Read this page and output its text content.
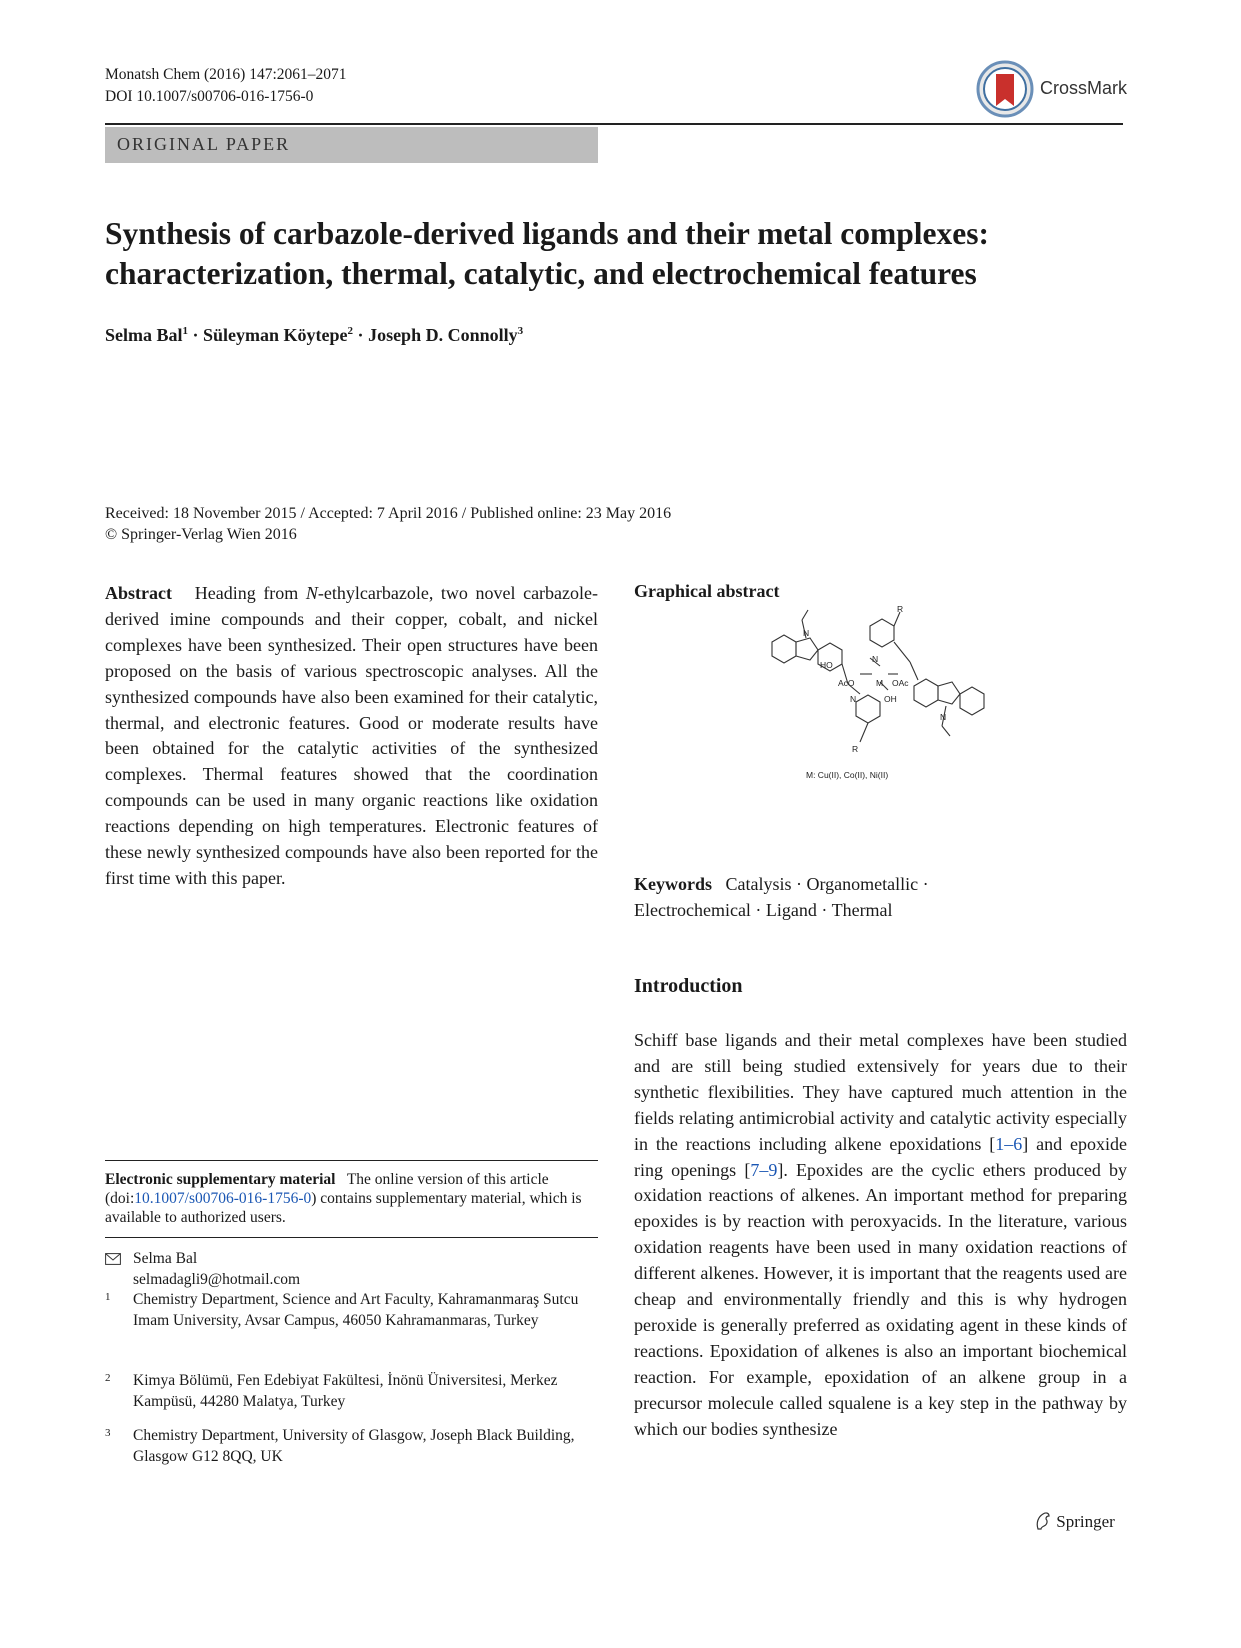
Monatsh Chem (2016) 147:2061–2071
DOI 10.1007/s00706-016-1756-0	CrossMark
ORIGINAL PAPER
Synthesis of carbazole-derived ligands and their metal complexes:
characterization, thermal, catalytic, and electrochemical features
Selma Bal$^1$ · Süleyman Köytepe$^2$ · Joseph D. Connolly$^3$
Received: 18 November 2015 / Accepted: 7 April 2016 / Published online: 23 May 2016
© Springer-Verlag Wien 2016
Abstract Heading from N-ethylcarbazole, two novel carbazole-derived imine compounds and their copper, cobalt, and nickel complexes have been synthesized. Their open structures have been proposed on the basis of various spectroscopic analyses. All the synthesized compounds have also been examined for their catalytic, thermal, and electronic features. Good or moderate results have been obtained for the catalytic activities of the synthesized complexes. Thermal features showed that the coordination compounds can be used in many organic reactions like oxidation reactions depending on high temperatures. Electronic features of these newly synthesized compounds have also been reported for the first time with this paper.
Graphical abstract
N
R
HO
N
AcO	M OAc
N	OH
N
R
M: Cu(II), Co(II), Ni(II)
Keywords Catalysis · Organometallic ·
Electrochemical · Ligand · Thermal
Introduction
Schiff base ligands and their metal complexes have been studied and are still being studied extensively for years due to their synthetic flexibilities. They have captured much attention in the fields relating antimicrobial activity and catalytic activity especially in the reactions including alkene epoxidations [1–6] and epoxide ring openings [7–9]. Epoxides are the cyclic ethers produced by oxidation reactions of alkenes. An important method for preparing epoxides is by reaction with peroxyacids. In the literature, various oxidation reagents have been used in many oxidation reactions of different alkenes. However, it is important that the reagents used are cheap and environmentally friendly and this is why hydrogen peroxide is generally preferred as oxidating agent in these kinds of reactions. Epoxidation of alkenes is also an important biochemical reaction. For example, epoxidation of an alkene group in a precursor molecule called squalene is a key step in the pathway by which our bodies synthesize
Electronic supplementary material The online version of this article (doi:10.1007/s00706-016-1756-0) contains supplementary material, which is available to authorized users.
Selma Bal
selmadagli9@hotmail.com
1 Chemistry Department, Science and Art Faculty, Kahramanmaraş Sutcu Imam University, Avsar Campus, 46050 Kahramanmaras, Turkey
2 Kimya Bölümü, Fen Edebiyat Fakültesi, İnönü Üniversitesi, Merkez Kampüsü, 44280 Malatya, Turkey
3 Chemistry Department, University of Glasgow, Joseph Black Building, Glasgow G12 8QQ, UK
Springer
